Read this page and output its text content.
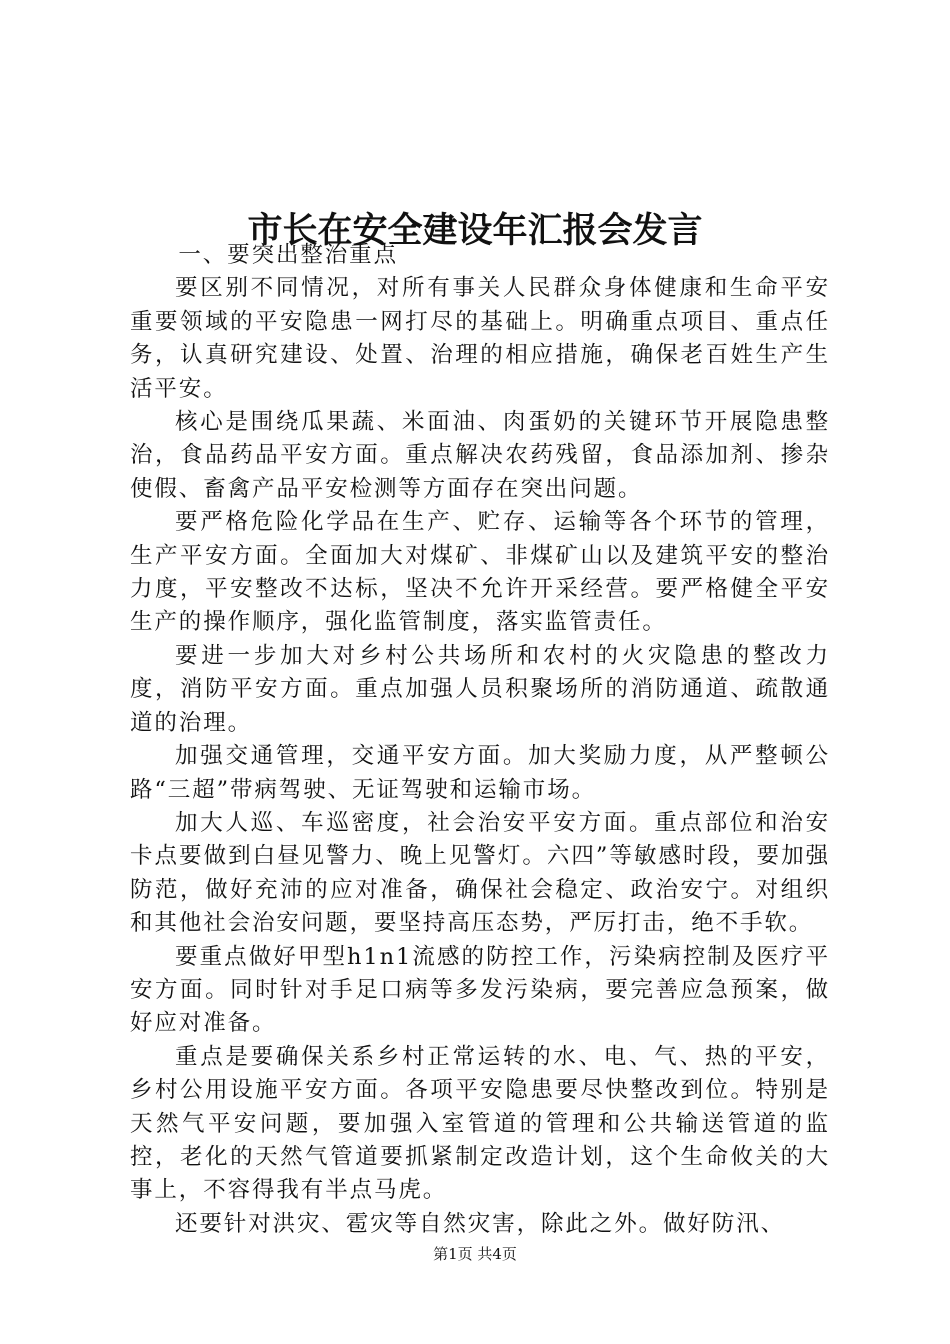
市长在安全建设年汇报会发言

一、要突出整治重点

要区别不同情况，对所有事关人民群众身体健康和生命平安重要领域的平安隐患一网打尽的基础上。明确重点项目、重点任务，认真研究建设、处置、治理的相应措施，确保老百姓生产生活平安。

核心是围绕瓜果蔬、米面油、肉蛋奶的关键环节开展隐患整治，食品药品平安方面。重点解决农药残留，食品添加剂、掺杂使假、畜禽产品平安检测等方面存在突出问题。

要严格危险化学品在生产、贮存、运输等各个环节的管理，生产平安方面。全面加大对煤矿、非煤矿山以及建筑平安的整治力度，平安整改不达标，坚决不允许开采经营。要严格健全平安生产的操作顺序，强化监管制度，落实监管责任。

要进一步加大对乡村公共场所和农村的火灾隐患的整改力度，消防平安方面。重点加强人员积聚场所的消防通道、疏散通道的治理。

加强交通管理，交通平安方面。加大奖励力度，从严整顿公路“三超”带病驾驶、无证驾驶和运输市场。

加大人巡、车巡密度，社会治安平安方面。重点部位和治安卡点要做到白昼见警力、晚上见警灯。六四”等敏感时段，要加强防范，做好充沛的应对准备，确保社会稳定、政治安宁。对组织和其他社会治安问题，要坚持高压态势，严厉打击，绝不手软。

要重点做好甲型h1n1流感的防控工作，污染病控制及医疗平安方面。同时针对手足口病等多发污染病，要完善应急预案，做好应对准备。

重点是要确保关系乡村正常运转的水、电、气、热的平安，乡村公用设施平安方面。各项平安隐患要尽快整改到位。特别是天然气平安问题，要加强入室管道的管理和公共输送管道的监控，老化的天然气管道要抓紧制定改造计划，这个生命攸关的大事上，不容得我有半点马虎。

还要针对洪灾、雹灾等自然灾害，除此之外。做好防汛、

第1页 共4页
